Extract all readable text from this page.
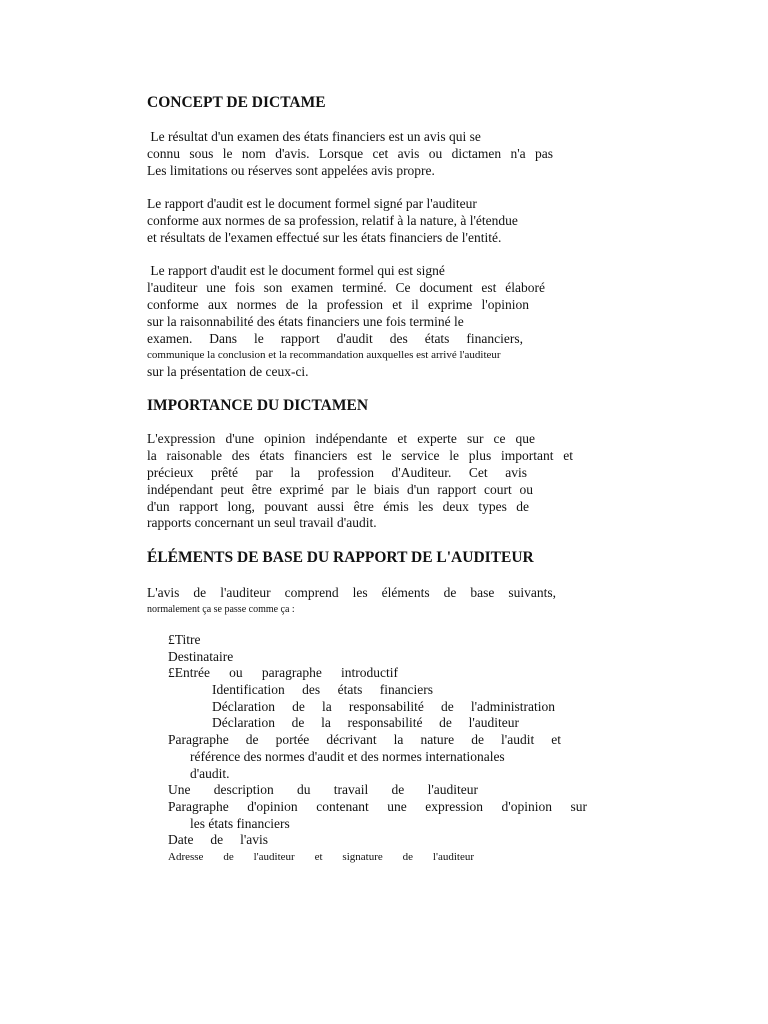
CONCEPT DE DICTAME
Le résultat d'un examen des états financiers est un avis qui se
connu sous le nom d'avis. Lorsque cet avis ou dictamen n'a pas
Les limitations ou réserves sont appelées avis propre.
Le rapport d'audit est le document formel signé par l'auditeur
conforme aux normes de sa profession, relatif à la nature, à l'étendue
et résultats de l'examen effectué sur les états financiers de l'entité.
Le rapport d'audit est le document formel qui est signé
l'auditeur une fois son examen terminé. Ce document est élaboré
conforme aux normes de la profession et il exprime l'opinion
sur la raisonnabilité des états financiers une fois terminé le
examen. Dans le rapport d'audit des états financiers,
communique la conclusion et la recommandation auxquelles est arrivé l'auditeur
sur la présentation de ceux-ci.
IMPORTANCE DU DICTAMEN
L'expression d'une opinion indépendante et experte sur ce que
la raisonable des états financiers est le service le plus important et
précieux prêté par la profession d'Auditeur. Cet avis
indépendant peut être exprimé par le biais d'un rapport court ou
d'un rapport long, pouvant aussi être émis les deux types de
rapports concernant un seul travail d'audit.
ÉLÉMENTS DE BASE DU RAPPORT DE L'AUDITEUR
L'avis de l'auditeur comprend les éléments de base suivants,
normalement ça se passe comme ça :
£Titre
Destinataire
£Entrée ou paragraphe introductif
Identification des états financiers
Déclaration de la responsabilité de l'administration
Déclaration de la responsabilité de l'auditeur
Paragraphe de portée décrivant la nature de l'audit et
référence des normes d'audit et des normes internationales
d'audit.
Une description du travail de l'auditeur
Paragraphe d'opinion contenant une expression d'opinion sur
les états financiers
Date de l'avis
Adresse de l'auditeur et signature de l'auditeur
